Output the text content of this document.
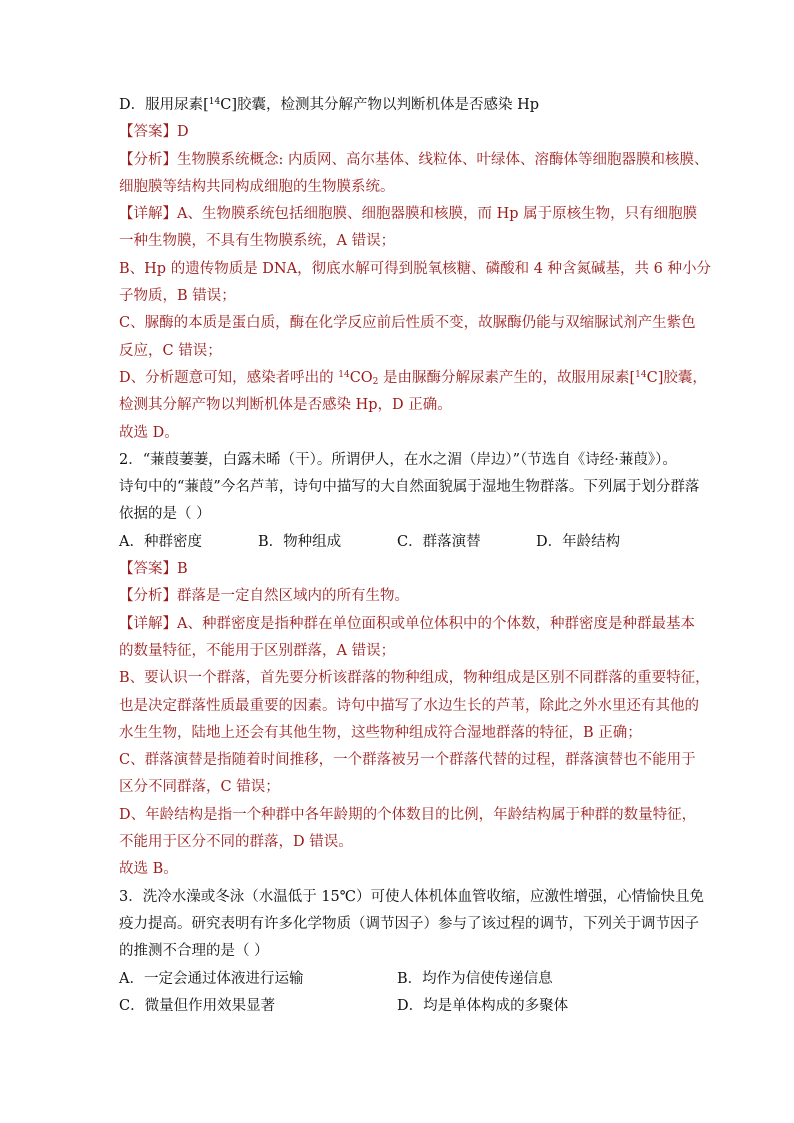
D．服用尿素[$^{14}$C]胶囊，检测其分解产物以判断机体是否感染 Hp

【答案】D

【分析】生物膜系统概念: 内质网、高尔基体、线粒体、叶绿体、溶酶体等细胞器膜和核膜、

细胞膜等结构共同构成细胞的生物膜系统。

【详解】A、生物膜系统包括细胞膜、细胞器膜和核膜，而 Hp 属于原核生物，只有细胞膜

一种生物膜，不具有生物膜系统，A 错误；

B、Hp 的遗传物质是 DNA，彻底水解可得到脱氧核糖、磷酸和 4 种含氮碱基，共 6 种小分

子物质，B 错误；

C、脲酶的本质是蛋白质，酶在化学反应前后性质不变，故脲酶仍能与双缩脲试剂产生紫色

反应，C 错误；

D、分析题意可知，感染者呼出的 $^{14}CO_2$ 是由脲酶分解尿素产生的，故服用尿素[$^{14}$C]胶囊，

检测其分解产物以判断机体是否感染 Hp，D 正确。

故选 D。

2．“蒹葭萋萋，白露未晞（干）。所谓伊人，在水之湄（岸边）”（节选自《诗经·蒹葭》）。

诗句中的“蒹葭”今名芦苇，诗句中描写的大自然面貌属于湿地生物群落。下列属于划分群落

依据的是（ ）

A．种群密度	B．物种组成	C．群落演替	D．年龄结构

【答案】B

【分析】群落是一定自然区域内的所有生物。

【详解】A、种群密度是指种群在单位面积或单位体积中的个体数，种群密度是种群最基本

的数量特征，不能用于区别群落，A 错误；

B、要认识一个群落，首先要分析该群落的物种组成，物种组成是区别不同群落的重要特征，

也是决定群落性质最重要的因素。诗句中描写了水边生长的芦苇，除此之外水里还有其他的

水生生物，陆地上还会有其他生物，这些物种组成符合湿地群落的特征，B 正确；

C、群落演替是指随着时间推移，一个群落被另一个群落代替的过程，群落演替也不能用于

区分不同群落，C 错误；

D、年龄结构是指一个种群中各年龄期的个体数目的比例，年龄结构属于种群的数量特征，

不能用于区分不同的群落，D 错误。

故选 B。

3．洗冷水澡或冬泳（水温低于 15℃）可使人体机体血管收缩，应激性增强，心情愉快且免

疫力提高。研究表明有许多化学物质（调节因子）参与了该过程的调节，下列关于调节因子

的推测不合理的是（ ）

A．一定会通过体液进行运输	B．均作为信使传递信息
C．微量但作用效果显著	D．均是单体构成的多聚体
